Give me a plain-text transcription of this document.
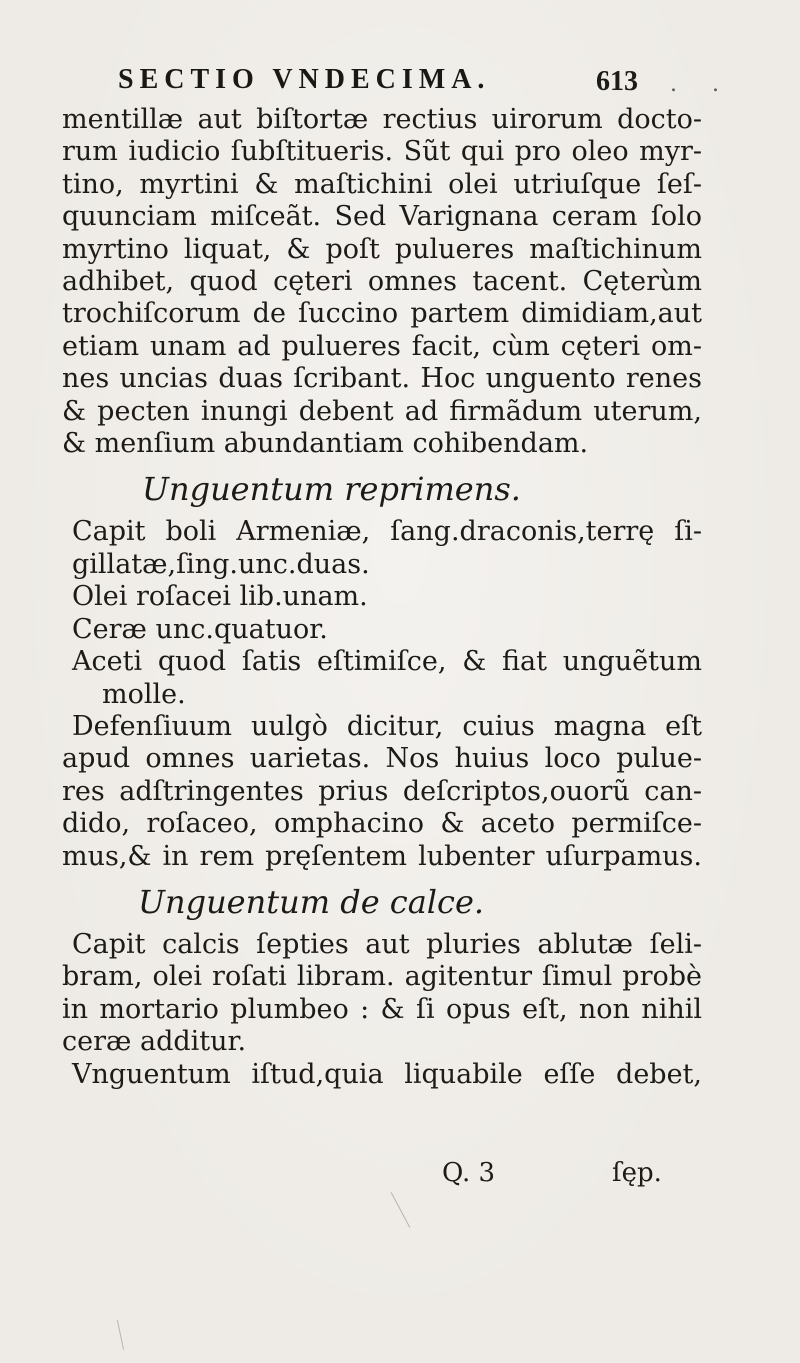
SECTIO VNDECIMA.	613 . .
mentillæ aut biſtortæ rectius uirorum docto-
rum iudicio ſubſtitueris. Sũt qui pro oleo myr-
tino, myrtini & maſtichini olei utriuſque ſeſ-
quunciam miſceãt. Sed Varignana ceram ſolo
myrtino liquat, & poſt pulueres maſtichinum
adhibet, quod cęteri omnes tacent. Cęterùm
trochiſcorum de ſuccino partem dimidiam,aut
etiam unam ad pulueres facit, cùm cęteri om-
nes uncias duas ſcribant. Hoc unguento renes
& pecten inungi debent ad firmãdum uterum,
& menſium abundantiam cohibendam.
Unguentum reprimens.
Capit boli Armeniæ, ſang.draconis,terrę ſi-
gillatæ,ſing.unc.duas.
Olei roſacei lib.unam.
Ceræ unc.quatuor.
Aceti quod ſatis eſtimiſce, & fiat unguẽtum
molle.
Defenſiuum uulgò dicitur, cuius magna eſt
apud omnes uarietas. Nos huius loco pulue-
res adſtringentes prius deſcriptos,ouorũ can-
dido, roſaceo, omphacino & aceto permiſce-
mus,& in rem pręſentem lubenter uſurpamus.
Unguentum de calce.
Capit calcis ſepties aut pluries ablutæ ſeli-
bram, olei roſati libram. agitentur ſimul probè
in mortario plumbeo : & ſi opus eſt, non nihil
ceræ additur.
Vnguentum iſtud,quia liquabile eſſe debet,
Q. 3	ſęp.
